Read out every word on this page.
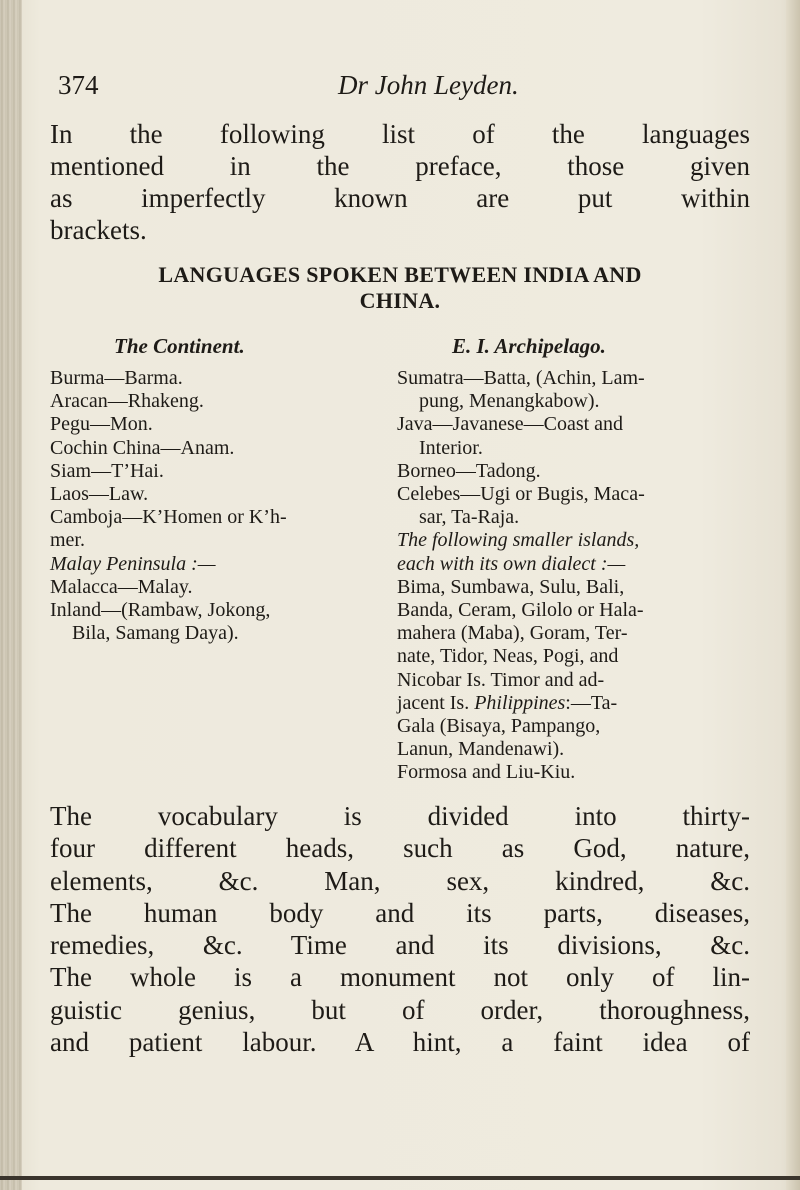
374	Dr John Leyden.

In the following list of the languages
mentioned in the preface, those given
as imperfectly known are put within
brackets.

LANGUAGES SPOKEN BETWEEN INDIA AND
CHINA.
The Continent.	E. I. Archipelago.
Burma—Barma.
Aracan—Rhakeng.
Pegu—Mon.
Cochin China—Anam.
Siam—T’Hai.
Laos—Law.
Camboja—K’Homen or K’h-
mer.
Malay Peninsula :—
Malacca—Malay.
Inland—(Rambaw, Jokong,
Bila, Samang Daya).
Sumatra—Batta, (Achin, Lam-
pung, Menangkabow).
Java—Javanese—Coast and
Interior.
Borneo—Tadong.
Celebes—Ugi or Bugis, Maca-
sar, Ta-Raja.
The following smaller islands,
each with its own dialect :—
Bima, Sumbawa, Sulu, Bali,
Banda, Ceram, Gilolo or Hala-
mahera (Maba), Goram, Ter-
nate, Tidor, Neas, Pogi, and
Nicobar Is. Timor and ad-
jacent Is. Philippines:—Ta-
Gala (Bisaya, Pampango,
Lanun, Mandenawi).
Formosa and Liu-Kiu.

The vocabulary is divided into thirty-
four different heads, such as God, nature,
elements, &c. Man, sex, kindred, &c.
The human body and its parts, diseases,
remedies, &c. Time and its divisions, &c.
The whole is a monument not only of lin-
guistic genius, but of order, thoroughness,
and patient labour. A hint, a faint idea of
